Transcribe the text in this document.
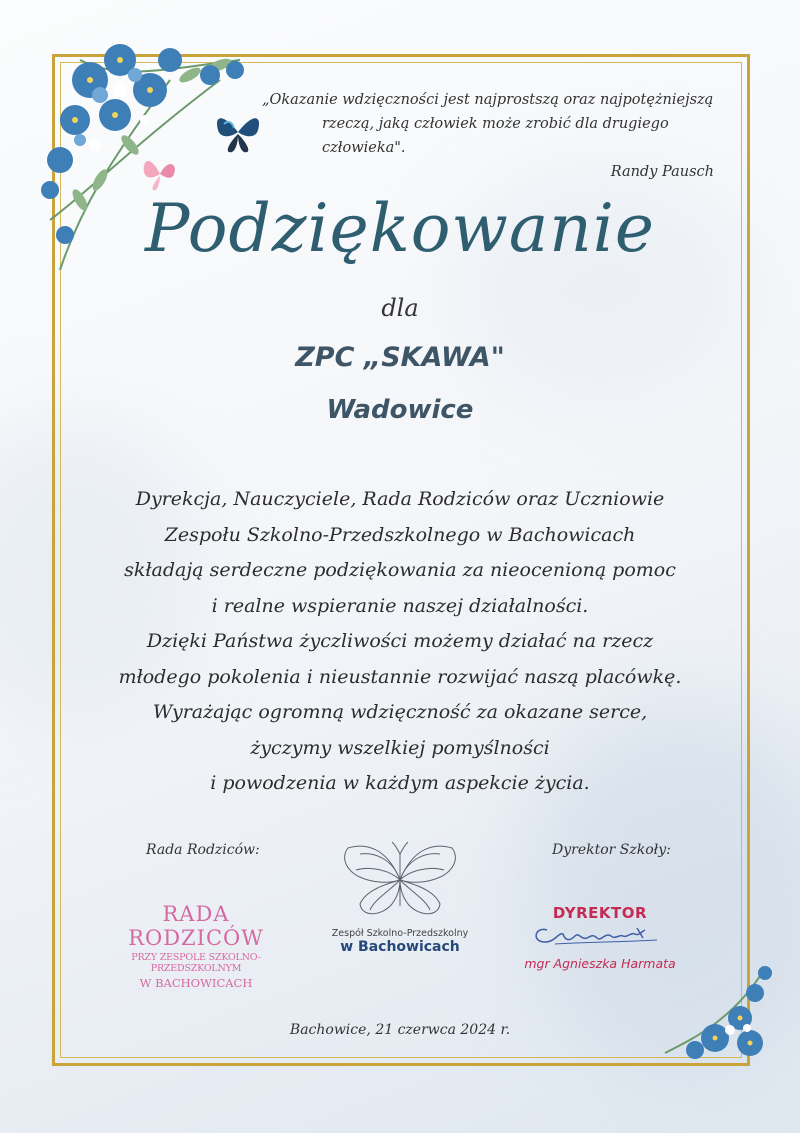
„Okazanie wdzięczności jest najprostszą oraz najpotężniejszą
rzeczą, jaką człowiek może zrobić dla drugiego człowieka".
Randy Pausch
Podziękowanie
dla
ZPC „SKAWA"
Wadowice
Dyrekcja, Nauczyciele, Rada Rodziców oraz Uczniowie
Zespołu Szkolno-Przedszkolnego w Bachowicach
składają serdeczne podziękowania za nieocenioną pomoc
i realne wspieranie naszej działalności.
Dzięki Państwa życzliwości możemy działać na rzecz
młodego pokolenia i nieustannie rozwijać naszą placówkę.
Wyrażając ogromną wdzięczność za okazane serce,
życzymy wszelkiej pomyślności
i powodzenia w każdym aspekcie życia.
Rada Rodziców:	Dyrektor Szkoły:
RADA RODZICÓW
PRZY ZESPOLE SZKOLNO-PRZEDSZKOLNYM
W BACHOWICACH
Zespół Szkolno-Przedszkolny
w Bachowicach
DYREKTOR
mgr Agnieszka Harmata
Bachowice, 21 czerwca 2024 r.
